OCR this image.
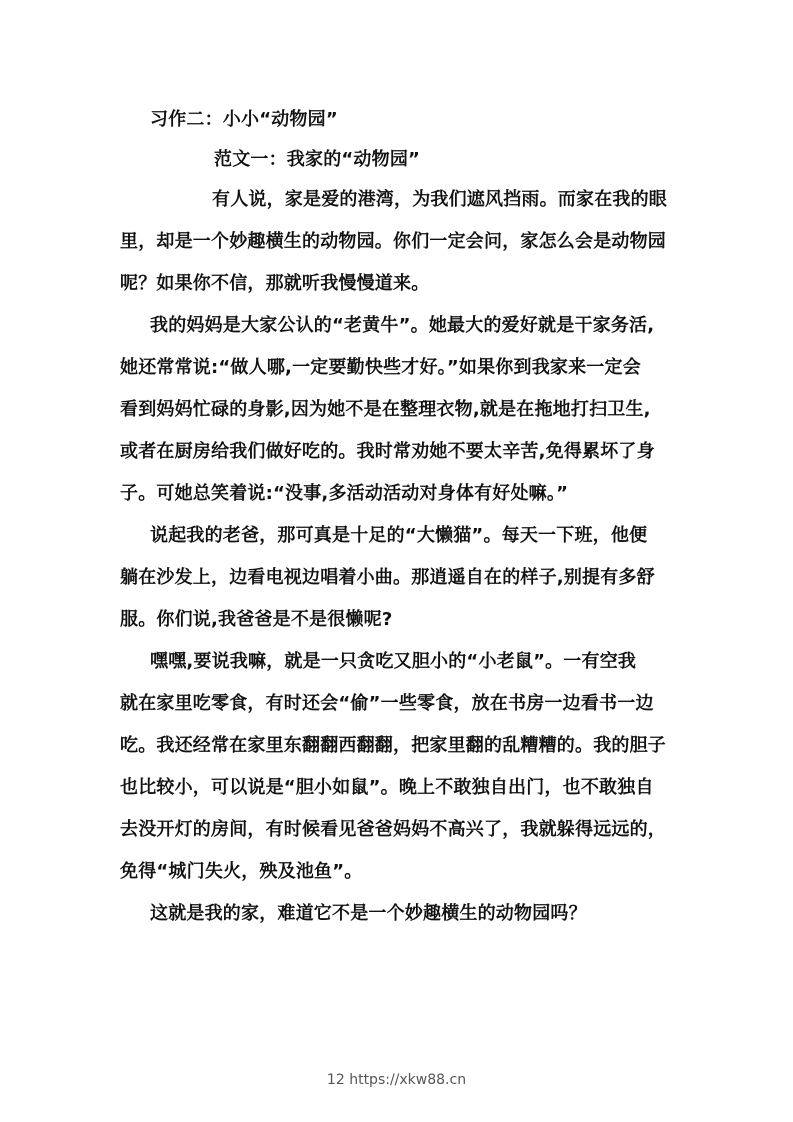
习作二：小小“动物园”
范文一：我家的“动物园”
有人说，家是爱的港湾，为我们遮风挡雨。而家在我的眼
里，却是一个妙趣横生的动物园。你们一定会问，家怎么会是动物园
呢？如果你不信，那就听我慢慢道来。
我的妈妈是大家公认的“老黄牛”。她最大的爱好就是干家务活,
她还常常说:“做人哪,一定要勤快些才好。”如果你到我家来一定会
看到妈妈忙碌的身影,因为她不是在整理衣物,就是在拖地打扫卫生,
或者在厨房给我们做好吃的。我时常劝她不要太辛苦,免得累坏了身
子。可她总笑着说:“没事,多活动活动对身体有好处嘛。”
说起我的老爸，那可真是十足的“大懒猫”。每天一下班，他便
躺在沙发上，边看电视边唱着小曲。那逍遥自在的样子,别提有多舒
服。你们说,我爸爸是不是很懒呢?
嘿嘿,要说我嘛，就是一只贪吃又胆小的“小老鼠”。一有空我
就在家里吃零食，有时还会“偷”一些零食，放在书房一边看书一边
吃。我还经常在家里东翻翻西翻翻，把家里翻的乱糟糟的。我的胆子
也比较小，可以说是“胆小如鼠”。晚上不敢独自出门，也不敢独自
去没开灯的房间，有时候看见爸爸妈妈不高兴了，我就躲得远远的，
免得“城门失火，殃及池鱼”。
这就是我的家，难道它不是一个妙趣横生的动物园吗？
12 https://xkw88.cn
